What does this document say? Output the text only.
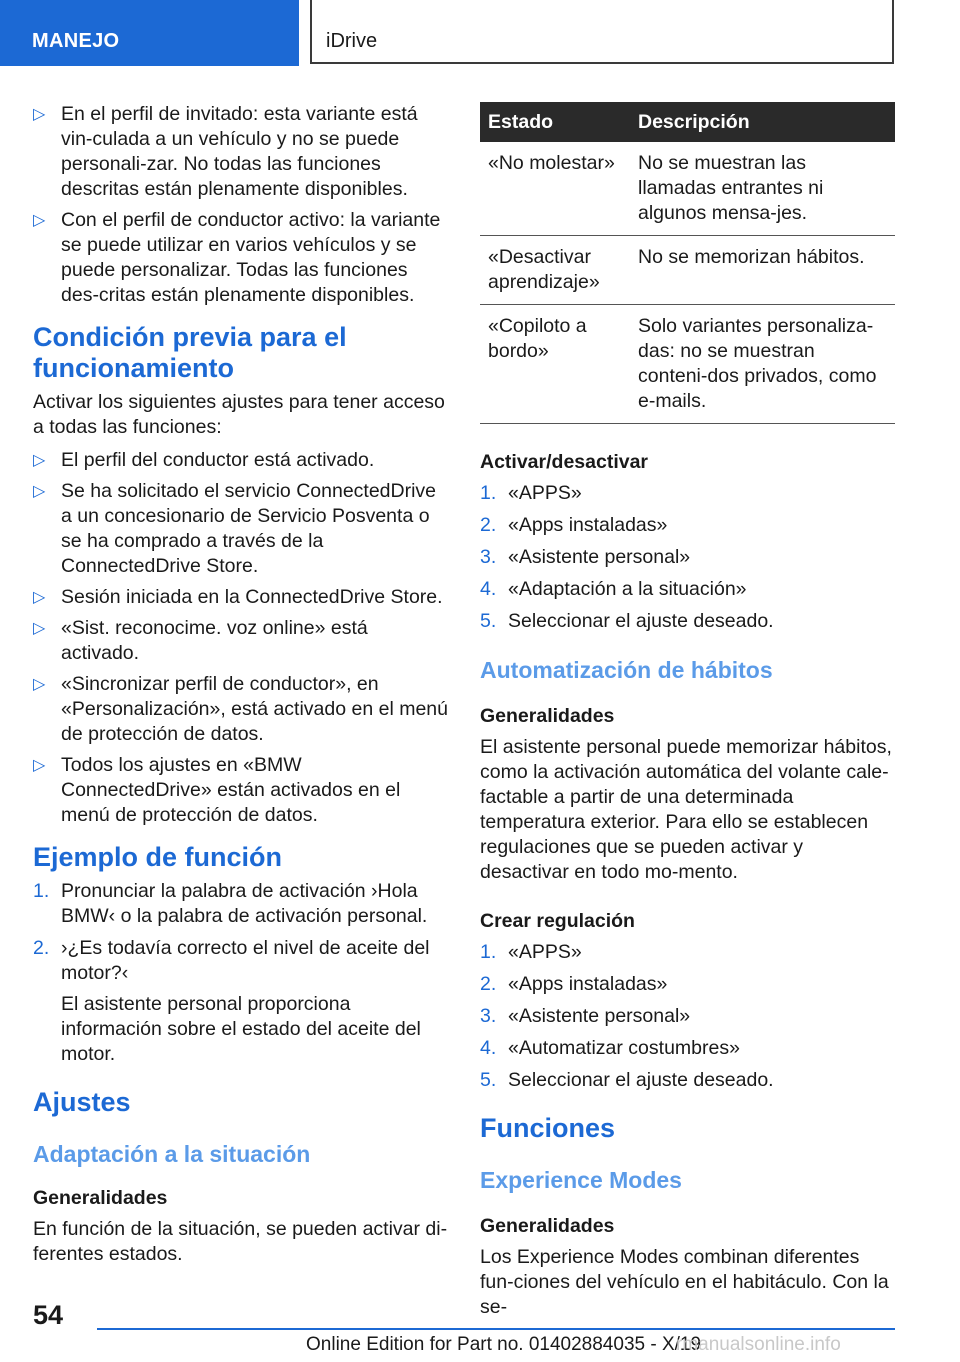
MANEJO	iDrive
▷ En el perfil de invitado: esta variante está vin-culada a un vehículo y no se puede personali-zar. No todas las funciones descritas están plenamente disponibles.
▷ Con el perfil de conductor activo: la variante se puede utilizar en varios vehículos y se puede personalizar. Todas las funciones des-critas están plenamente disponibles.
Condición previa para el funcionamiento

Activar los siguientes ajustes para tener acceso a todas las funciones:

▷ El perfil del conductor está activado.
▷ Se ha solicitado el servicio ConnectedDrive a un concesionario de Servicio Posventa o se ha comprado a través de la ConnectedDrive Store.
▷ Sesión iniciada en la ConnectedDrive Store.
▷ «Sist. reconocime. voz online» está activado.
▷ «Sincronizar perfil de conductor», en «Personalización», está activado en el menú de protección de datos.
▷ Todos los ajustes en «BMW ConnectedDrive» están activados en el menú de protección de datos.
Ejemplo de función
1. Pronunciar la palabra de activación ›Hola BMW‹ o la palabra de activación personal.
2. ›¿Es todavía correcto el nivel de aceite del motor?‹

El asistente personal proporciona información sobre el estado del aceite del motor.

Ajustes
Adaptación a la situación

Generalidades

En función de la situación, se pueden activar di-ferentes estados.

Estado	Descripción
«No molestar»	No se muestran las llamadas entrantes ni algunos mensa-jes.
«Desactivar aprendizaje»	No se memorizan hábitos.
«Copiloto a bordo»	Solo variantes personaliza-das: no se muestran conteni-dos privados, como e-mails.

Activar/desactivar

1. «APPS»
2. «Apps instaladas»
3. «Asistente personal»
4. «Adaptación a la situación»
5. Seleccionar el ajuste deseado.
Automatización de hábitos

Generalidades

El asistente personal puede memorizar hábitos, como la activación automática del volante cale-factable a partir de una determinada temperatura exterior. Para ello se establecen regulaciones que se pueden activar y desactivar en todo mo-mento.

Crear regulación

1. «APPS»
2. «Apps instaladas»
3. «Asistente personal»
4. «Automatizar costumbres»
5. Seleccionar el ajuste deseado.
Funciones
Experience Modes

Generalidades

Los Experience Modes combinan diferentes fun-ciones del vehículo en el habitáculo. Con la se-

54
Online Edition for Part no. 01402884035 - X/19
rmanualsonline.info
